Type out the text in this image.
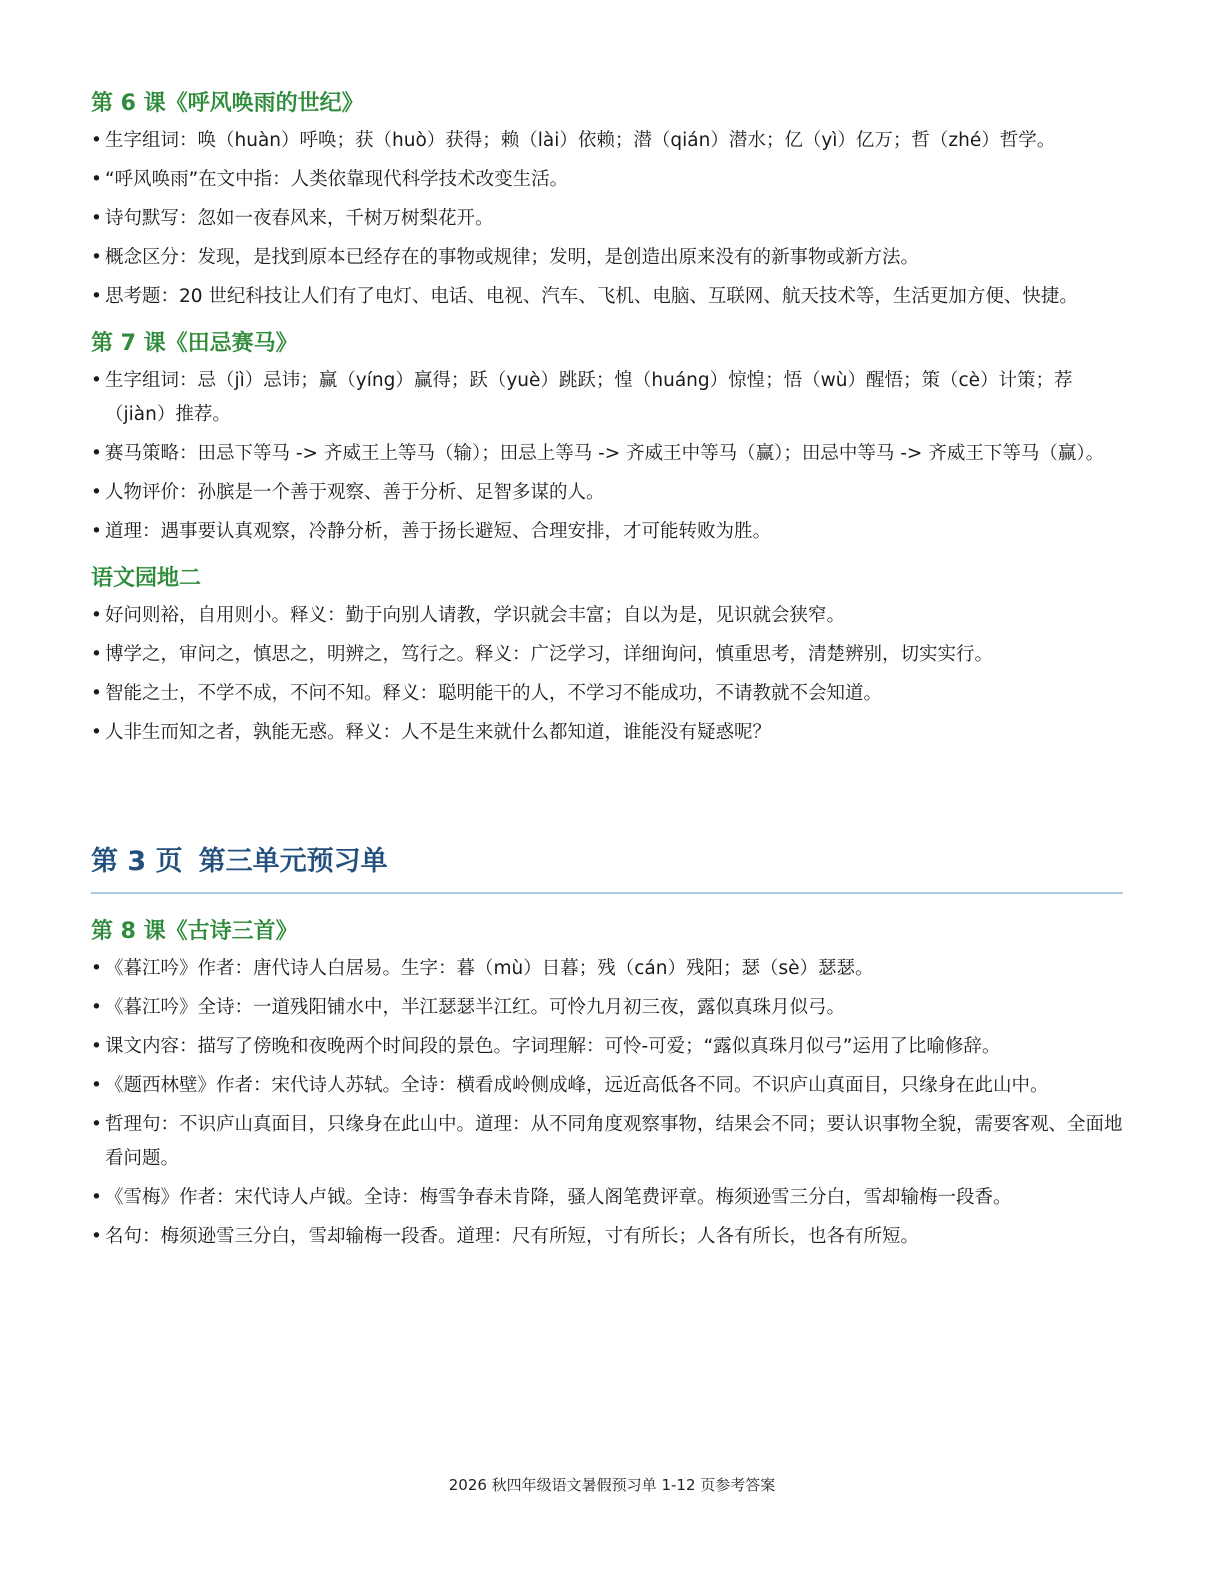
第 6 课《呼风唤雨的世纪》
• 生字组词：唤（huàn）呼唤；获（huò）获得；赖（lài）依赖；潜（qián）潜水；亿（yì）亿万；哲（zhé）哲学。
• “呼风唤雨”在文中指：人类依靠现代科学技术改变生活。
• 诗句默写：忽如一夜春风来，千树万树梨花开。
• 概念区分：发现，是找到原本已经存在的事物或规律；发明，是创造出原来没有的新事物或新方法。
• 思考题：20 世纪科技让人们有了电灯、电话、电视、汽车、飞机、电脑、互联网、航天技术等，生活更加方便、快捷。
第 7 课《田忌赛马》
• 生字组词：忌（jì）忌讳；赢（yíng）赢得；跃（yuè）跳跃；惶（huáng）惊惶；悟（wù）醒悟；策（cè）计策；荐（jiàn）推荐。
• 赛马策略：田忌下等马 -> 齐威王上等马（输）；田忌上等马 -> 齐威王中等马（赢）；田忌中等马 -> 齐威王下等马（赢）。
• 人物评价：孙膑是一个善于观察、善于分析、足智多谋的人。
• 道理：遇事要认真观察，冷静分析，善于扬长避短、合理安排，才可能转败为胜。
语文园地二
• 好问则裕，自用则小。释义：勤于向别人请教，学识就会丰富；自以为是，见识就会狭窄。
• 博学之，审问之，慎思之，明辨之，笃行之。释义：广泛学习，详细询问，慎重思考，清楚辨别，切实实行。
• 智能之士，不学不成，不问不知。释义：聪明能干的人，不学习不能成功，不请教就不会知道。
• 人非生而知之者，孰能无惑。释义：人不是生来就什么都知道，谁能没有疑惑呢？
第 3 页 第三单元预习单
第 8 课《古诗三首》
• 《暮江吟》作者：唐代诗人白居易。生字：暮（mù）日暮；残（cán）残阳；瑟（sè）瑟瑟。
• 《暮江吟》全诗：一道残阳铺水中，半江瑟瑟半江红。可怜九月初三夜，露似真珠月似弓。
• 课文内容：描写了傍晚和夜晚两个时间段的景色。字词理解：可怜-可爱；“露似真珠月似弓”运用了比喻修辞。
• 《题西林壁》作者：宋代诗人苏轼。全诗：横看成岭侧成峰，远近高低各不同。不识庐山真面目，只缘身在此山中。
• 哲理句：不识庐山真面目，只缘身在此山中。道理：从不同角度观察事物，结果会不同；要认识事物全貌，需要客观、全面地看问题。
• 《雪梅》作者：宋代诗人卢钺。全诗：梅雪争春未肯降，骚人阁笔费评章。梅须逊雪三分白，雪却输梅一段香。
• 名句：梅须逊雪三分白，雪却输梅一段香。道理：尺有所短，寸有所长；人各有所长，也各有所短。
2026 秋四年级语文暑假预习单 1-12 页参考答案
